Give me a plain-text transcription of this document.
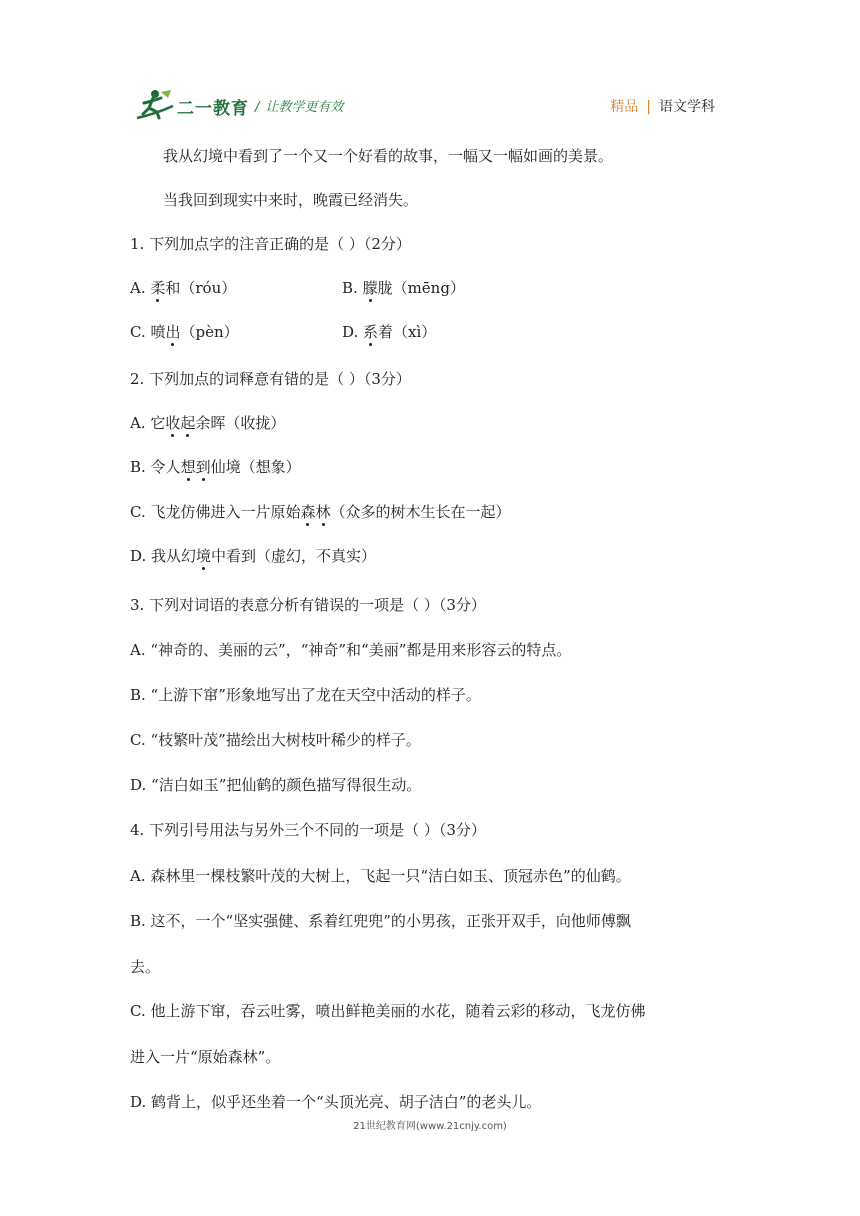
二一教育 / 让教学更有效	精品 | 语文学科
我从幻境中看到了一个又一个好看的故事，一幅又一幅如画的美景。
当我回到现实中来时，晚霞已经消失。
1. 下列加点字的注音正确的是（ ）（2分）
A. 柔和（róu）	B. 朦胧（mēng）
C. 喷出（pèn）	D. 系着（xì）
2. 下列加点的词释意有错的是（ ）（3分）
A. 它收起余晖（收拢）
B. 令人想到仙境（想象）
C. 飞龙仿佛进入一片原始森林（众多的树木生长在一起）
D. 我从幻境中看到（虚幻，不真实）
3. 下列对词语的表意分析有错误的一项是（ ）（3分）
A. “神奇的、美丽的云”，“神奇”和“美丽”都是用来形容云的特点。
B. “上游下窜”形象地写出了龙在天空中活动的样子。
C. “枝繁叶茂”描绘出大树枝叶稀少的样子。
D. “洁白如玉”把仙鹤的颜色描写得很生动。
4. 下列引号用法与另外三个不同的一项是（ ）（3分）
A. 森林里一棵枝繁叶茂的大树上，飞起一只“洁白如玉、顶冠赤色”的仙鹤。
B. 这不，一个“坚实强健、系着红兜兜”的小男孩，正张开双手，向他师傅飘
去。
C. 他上游下窜，吞云吐雾，喷出鲜艳美丽的水花，随着云彩的移动，飞龙仿佛
进入一片“原始森林”。
D. 鹤背上，似乎还坐着一个“头顶光亮、胡子洁白”的老头儿。
21世纪教育网(www.21cnjy.com)
